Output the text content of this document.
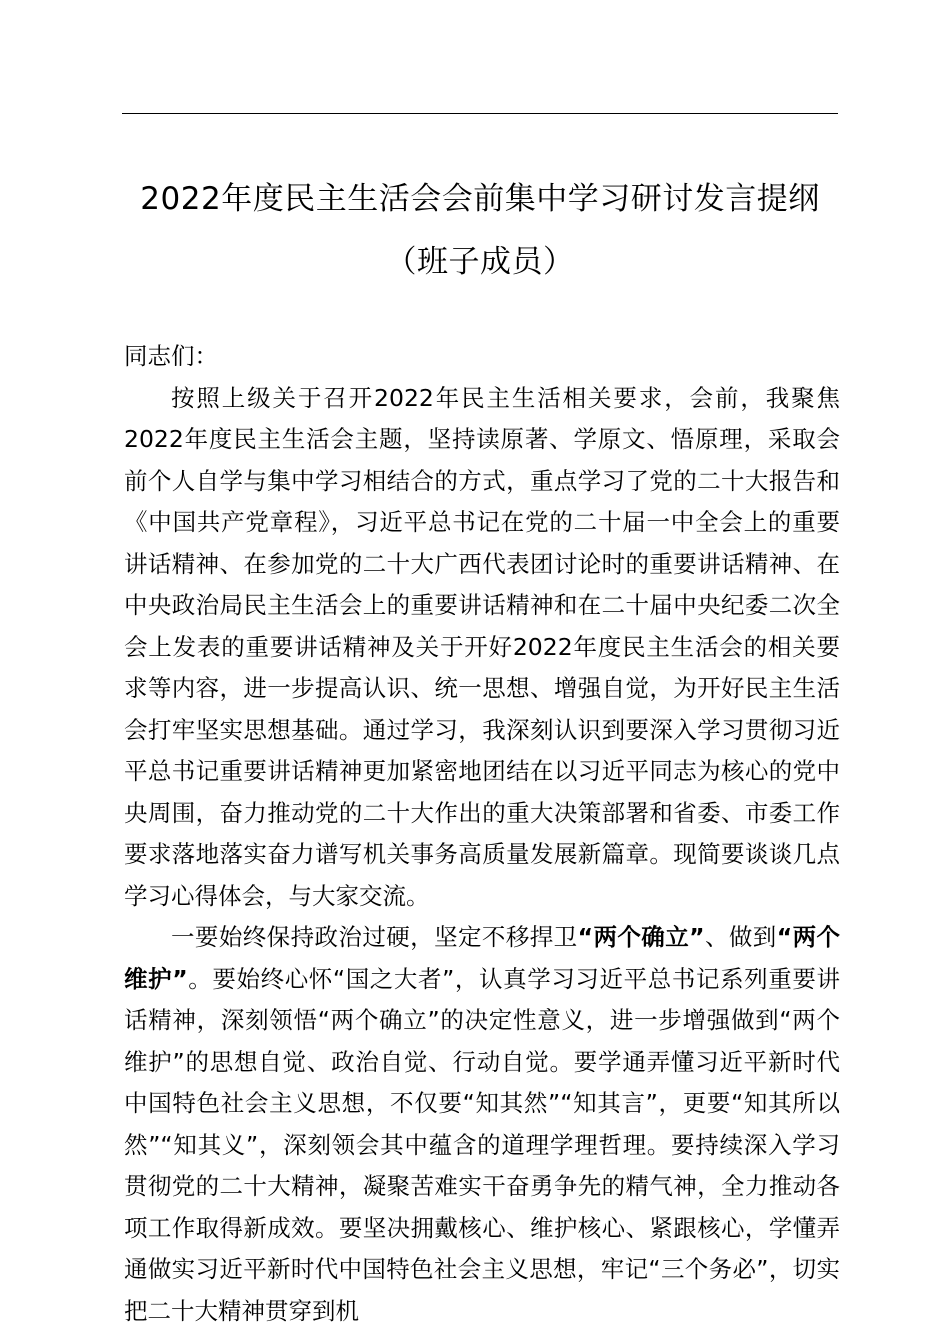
2022年度民主生活会会前集中学习研讨发言提纲（班子成员）

同志们：

按照上级关于召开2022年民主生活相关要求，会前，我聚焦2022年度民主生活会主题，坚持读原著、学原文、悟原理，采取会前个人自学与集中学习相结合的方式，重点学习了党的二十大报告和《中国共产党章程》，习近平总书记在党的二十届一中全会上的重要讲话精神、在参加党的二十大广西代表团讨论时的重要讲话精神、在中央政治局民主生活会上的重要讲话精神和在二十届中央纪委二次全会上发表的重要讲话精神及关于开好2022年度民主生活会的相关要求等内容，进一步提高认识、统一思想、增强自觉，为开好民主生活会打牢坚实思想基础。通过学习，我深刻认识到要深入学习贯彻习近平总书记重要讲话精神更加紧密地团结在以习近平同志为核心的党中央周围，奋力推动党的二十大作出的重大决策部署和省委、市委工作要求落地落实奋力谱写机关事务高质量发展新篇章。现简要谈谈几点学习心得体会，与大家交流。

一要始终保持政治过硬，坚定不移捍卫“两个确立”、做到“两个维护”。要始终心怀“国之大者”，认真学习习近平总书记系列重要讲话精神，深刻领悟“两个确立”的决定性意义，进一步增强做到“两个维护”的思想自觉、政治自觉、行动自觉。要学通弄懂习近平新时代中国特色社会主义思想，不仅要“知其然”“知其言”，更要“知其所以然”“知其义”，深刻领会其中蕴含的道理学理哲理。要持续深入学习贯彻党的二十大精神，凝聚苦难实干奋勇争先的精气神，全力推动各项工作取得新成效。要坚决拥戴核心、维护核心、紧跟核心，学懂弄通做实习近平新时代中国特色社会主义思想，牢记“三个务必”，切实把二十大精神贯穿到机
